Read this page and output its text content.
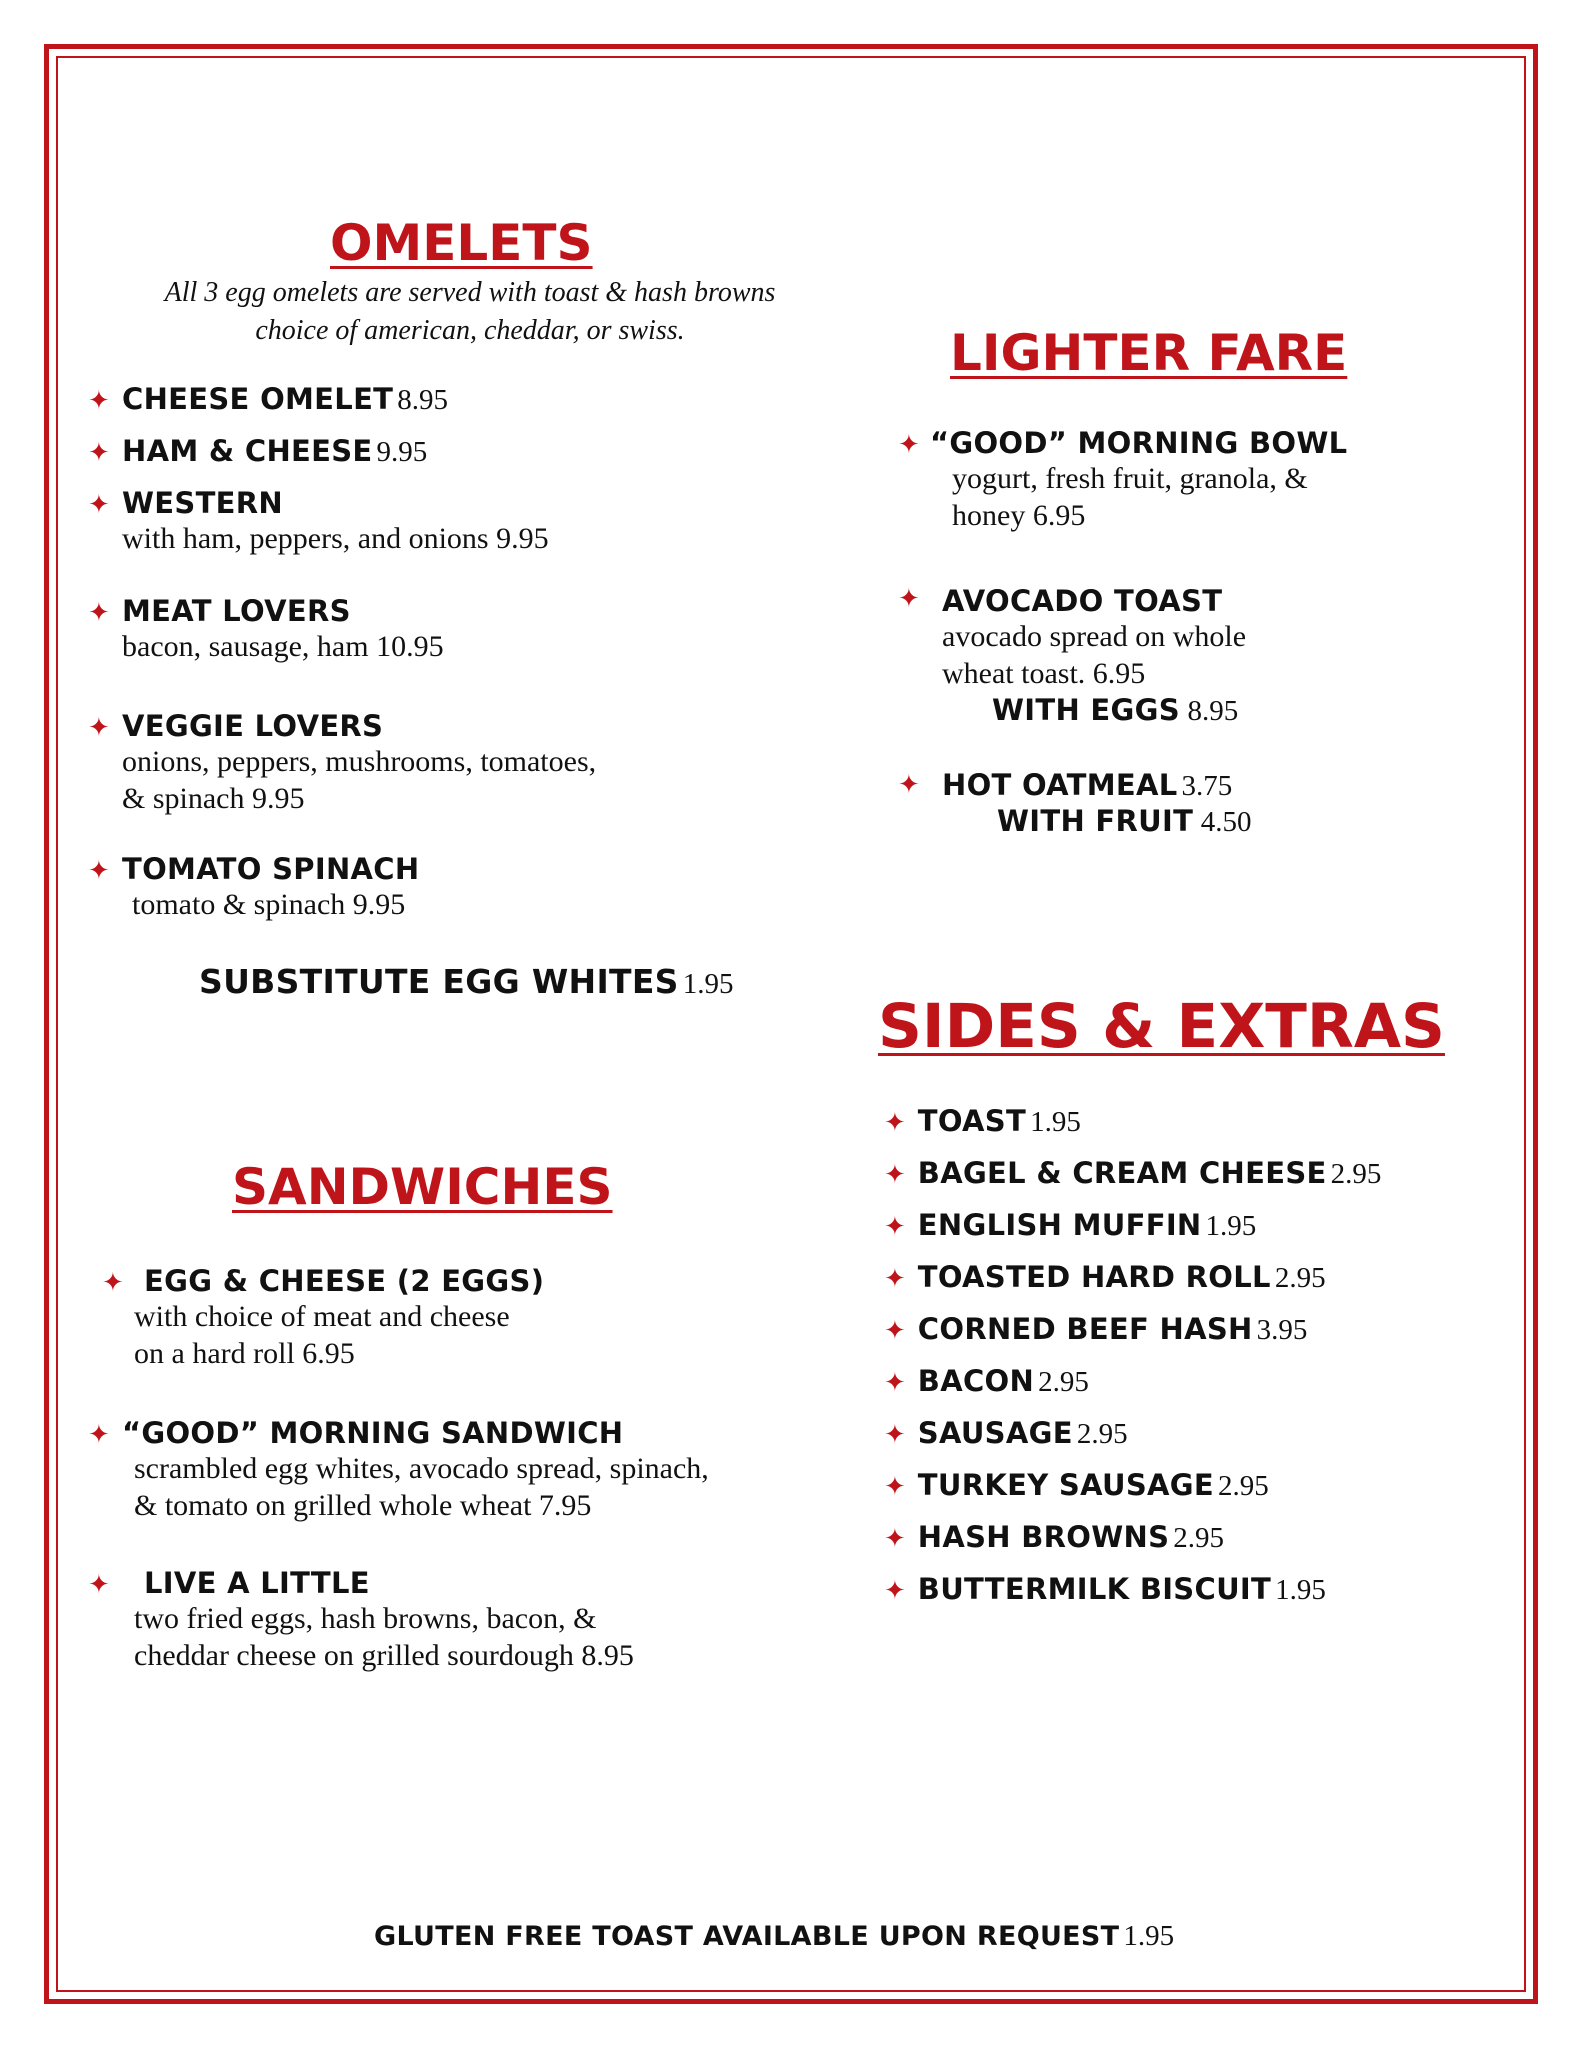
OMELETS
All 3 egg omelets are served with toast & hash browns
choice of american, cheddar, or swiss.
✦ CHEESE OMELET 8.95
✦ HAM & CHEESE 9.95
✦ WESTERN
with ham, peppers, and onions 9.95
✦ MEAT LOVERS
bacon, sausage, ham 10.95
✦ VEGGIE LOVERS
onions, peppers, mushrooms, tomatoes,
& spinach 9.95
✦ TOMATO SPINACH
tomato & spinach 9.95
SUBSTITUTE EGG WHITES 1.95
LIGHTER FARE
✦ “GOOD” MORNING BOWL
yogurt, fresh fruit, granola, &
honey 6.95
✦ AVOCADO TOAST
avocado spread on whole
wheat toast. 6.95
WITH EGGS 8.95
✦ HOT OATMEAL 3.75
WITH FRUIT 4.50
SIDES & EXTRAS
✦ TOAST 1.95
✦ BAGEL & CREAM CHEESE 2.95
✦ ENGLISH MUFFIN 1.95
✦ TOASTED HARD ROLL 2.95
✦ CORNED BEEF HASH 3.95
✦ BACON 2.95
✦ SAUSAGE 2.95
✦ TURKEY SAUSAGE 2.95
✦ HASH BROWNS 2.95
✦ BUTTERMILK BISCUIT 1.95
SANDWICHES
✦ EGG & CHEESE (2 EGGS)
with choice of meat and cheese
on a hard roll 6.95
✦ “GOOD” MORNING SANDWICH
scrambled egg whites, avocado spread, spinach,
& tomato on grilled whole wheat 7.95
✦	LIVE A LITTLE
two fried eggs, hash browns, bacon, &
cheddar cheese on grilled sourdough 8.95
GLUTEN FREE TOAST AVAILABLE UPON REQUEST 1.95
